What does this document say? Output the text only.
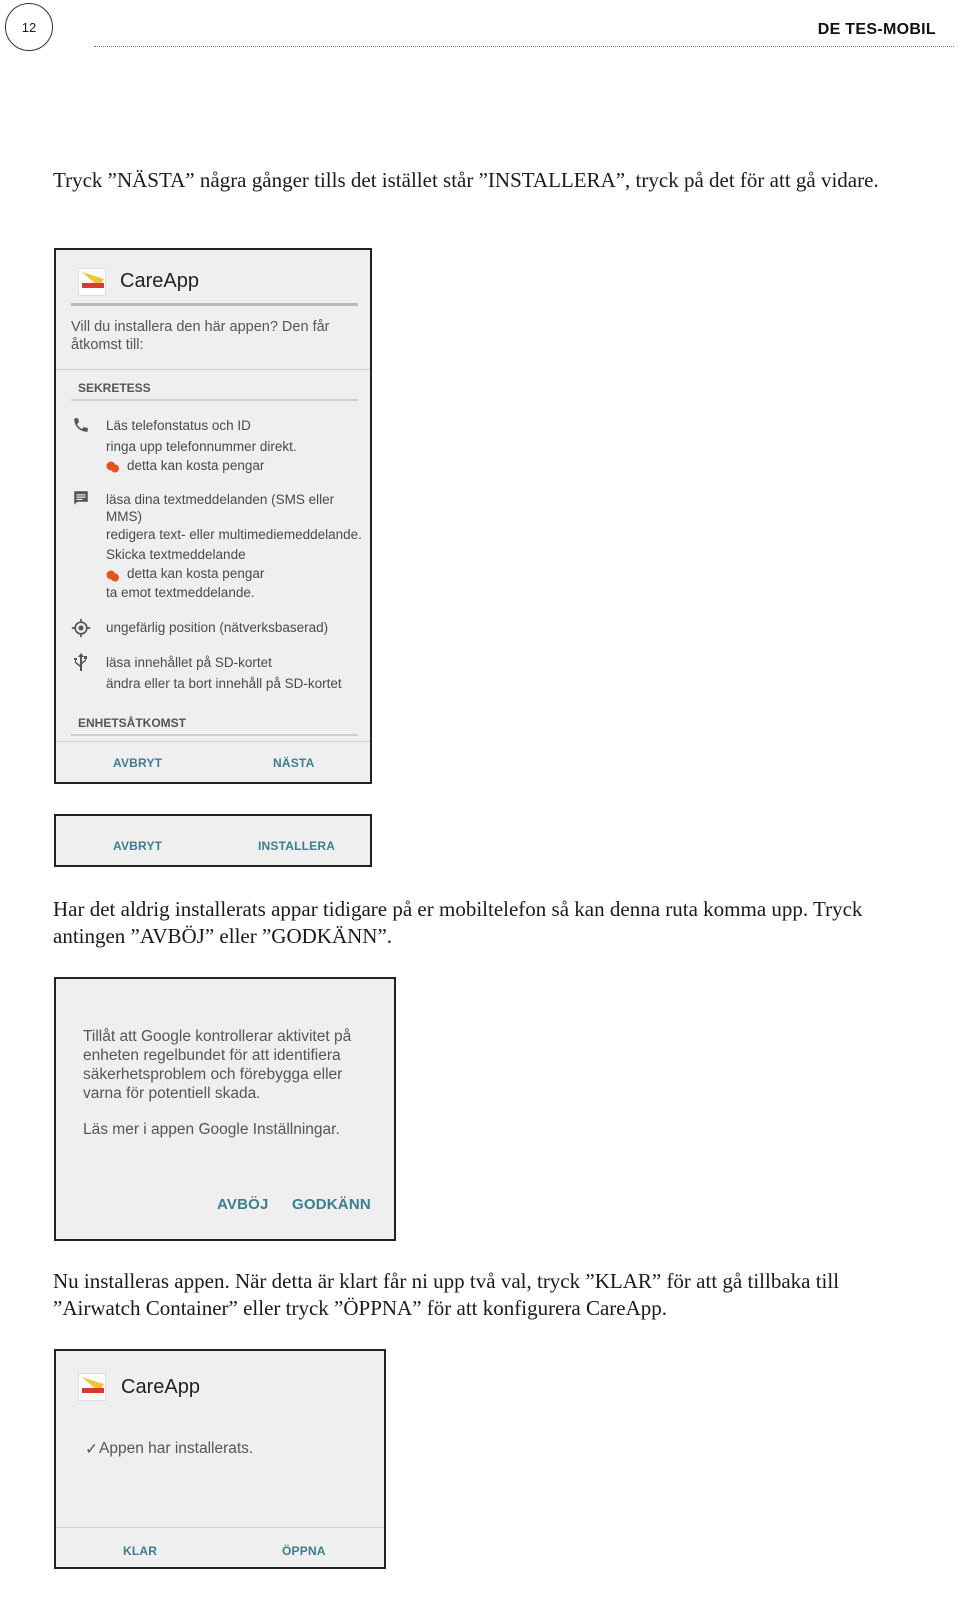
12	DE TES-MOBIL

Tryck ”NÄSTA” några gånger tills det istället står ”INSTALLERA”, tryck på det för att gå vidare.

CareApp
Vill du installera den här appen? Den får åtkomst till:
SEKRETESS
Läs telefonstatus och ID
ringa upp telefonnummer direkt.
detta kan kosta pengar
läsa dina textmeddelanden (SMS eller MMS)
redigera text- eller multimediemeddelande.
Skicka textmeddelande
detta kan kosta pengar
ta emot textmeddelande.
ungefärlig position (nätverksbaserad)
läsa innehållet på SD-kortet
ändra eller ta bort innehåll på SD-kortet
ENHETSÅTKOMST
AVBRYT	NÄSTA
AVBRYT	INSTALLERA

Har det aldrig installerats appar tidigare på er mobiltelefon så kan denna ruta komma upp. Tryck antingen ”AVBÖJ” eller ”GODKÄNN”.

Tillåt att Google kontrollerar aktivitet på enheten regelbundet för att identifiera säkerhetsproblem och förebygga eller varna för potentiell skada.
Läs mer i appen Google Inställningar.
AVBÖJ GODKÄNN

Nu installeras appen. När detta är klart får ni upp två val, tryck ”KLAR” för att gå tillbaka till ”Airwatch Container” eller tryck ”ÖPPNA” för att konfigurera CareApp.

CareApp
✓ Appen har installerats.
KLAR	ÖPPNA
